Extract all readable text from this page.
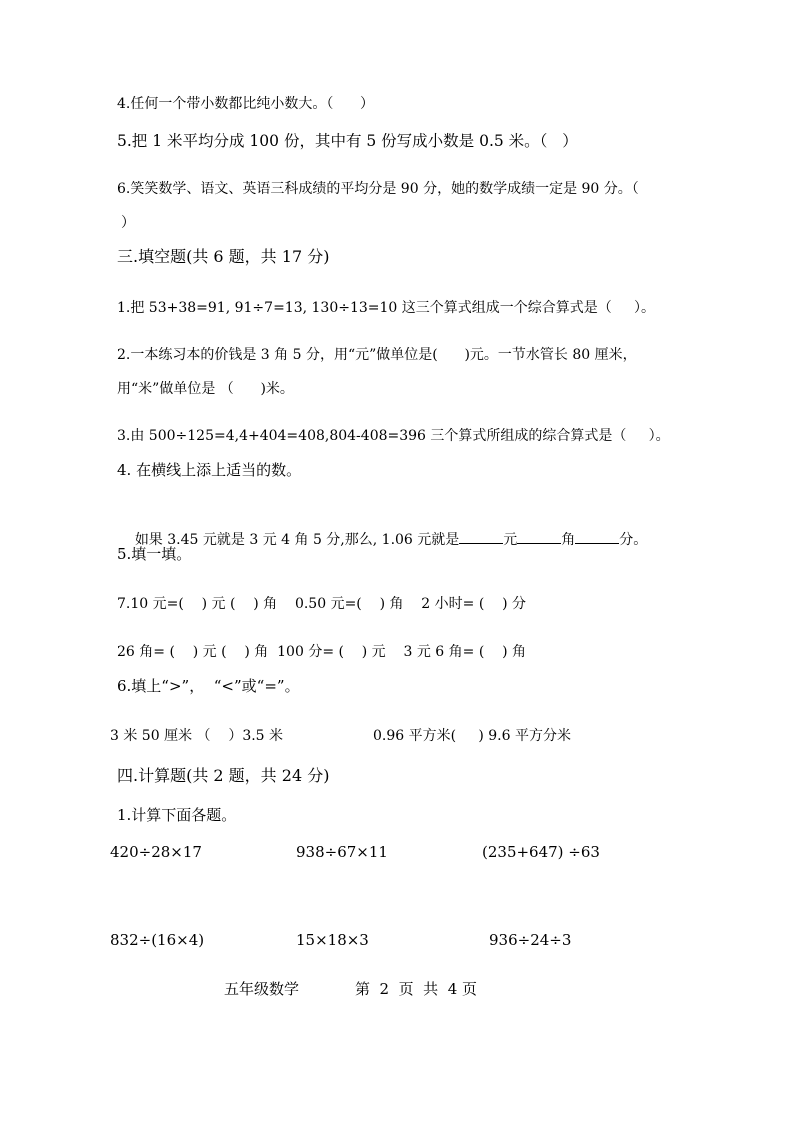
4.任何一个带小数都比纯小数大。（      ）
5.把 1 米平均分成 100 份，其中有 5 份写成小数是 0.5 米。（   ）
6.笑笑数学、语文、英语三科成绩的平均分是 90 分，她的数学成绩一定是 90 分。（
）
三.填空题(共 6 题，共 17 分)
1.把 53+38=91, 91÷7=13, 130÷13=10 这三个算式组成一个综合算式是（     ）。
2.一本练习本的价钱是 3 角 5 分，用“元”做单位是(      )元。一节水管长 80 厘米，
用“米”做单位是 （      )米。
3.由 500÷125=4,4+404=408,804-408=396 三个算式所组成的综合算式是（     ）。
4. 在横线上添上适当的数。

如果 3.45 元就是 3 元 4 角 5 分,那么, 1.06 元就是	元	角	分。

5.填一填。
7.10 元=(    ) 元 (    ) 角    0.50 元=(    ) 角    2 小时= (    ) 分
26 角= (    ) 元 (    ) 角  100 分= (    ) 元    3 元 6 角= (    ) 角
6.填上“>”，  “<”或“=”。
3 米 50 厘米 （    ）3.5 米	0.96 平方米(     ) 9.6 平方分米
四.计算题(共 2 题，共 24 分)
1.计算下面各题。
420÷28×17	938÷67×11	(235+647) ÷63
832÷(16×4)	15×18×3	936÷24÷3
五年级数学	第  2  页  共  4 页
